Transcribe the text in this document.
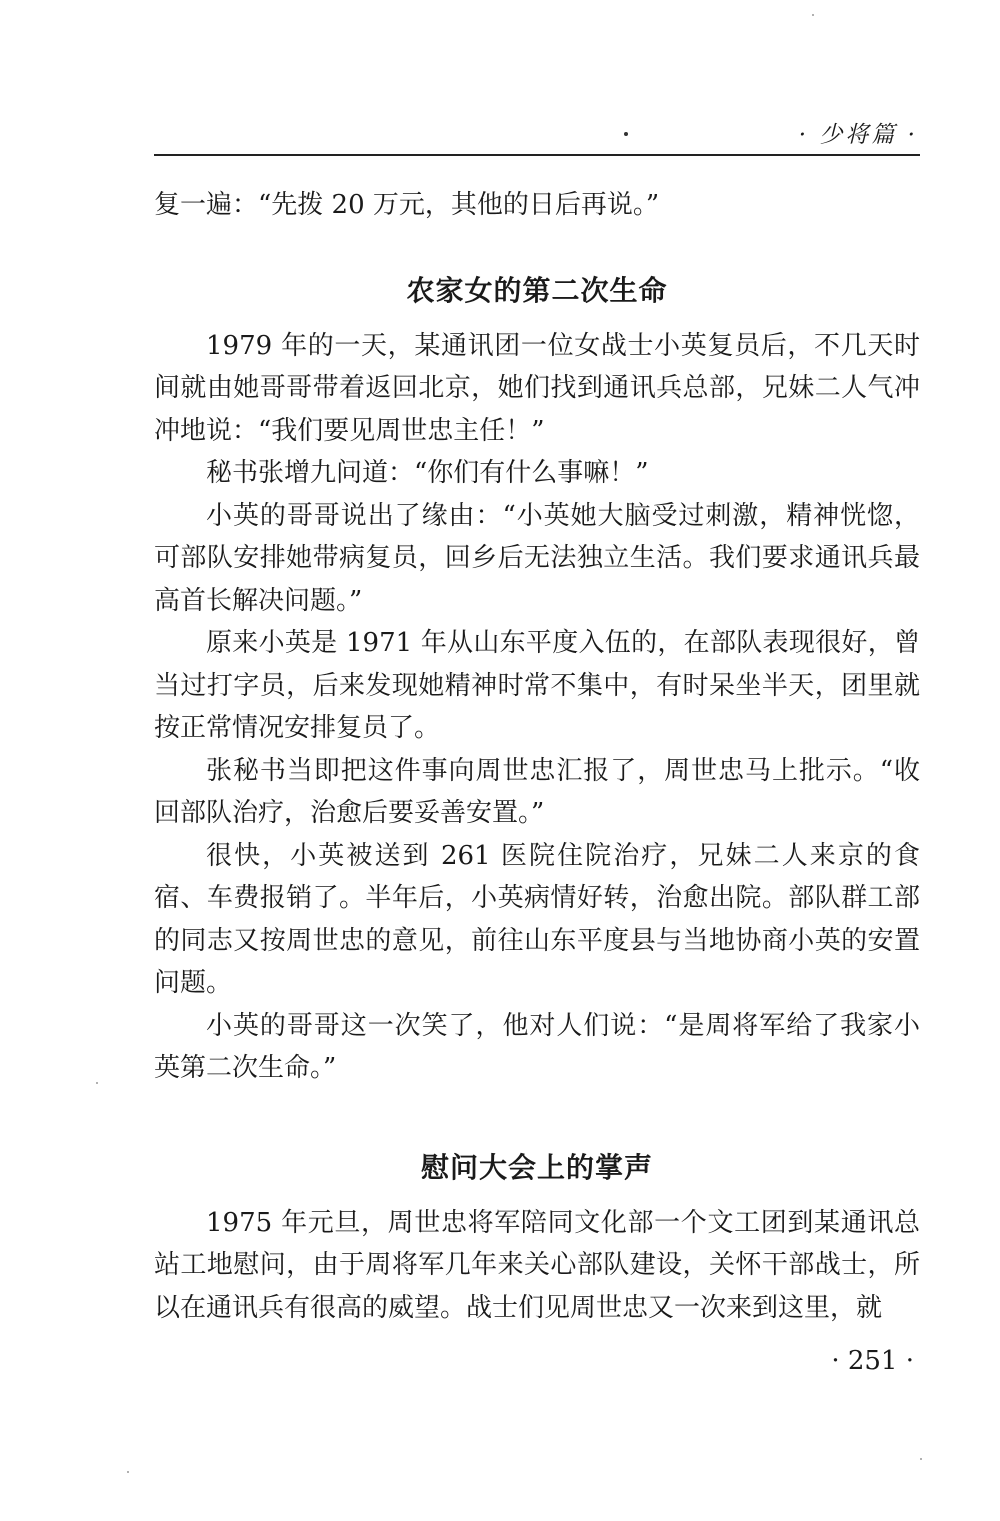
· 少将篇 ·

复一遍：“先拨 20 万元，其他的日后再说。”

农家女的第二次生命

1979 年的一天，某通讯团一位女战士小英复员后，不几天时间就由她哥哥带着返回北京，她们找到通讯兵总部，兄妹二人气冲冲地说：“我们要见周世忠主任！”

秘书张增九问道：“你们有什么事嘛！”

小英的哥哥说出了缘由：“小英她大脑受过刺激，精神恍惚，可部队安排她带病复员，回乡后无法独立生活。我们要求通讯兵最高首长解决问题。”

原来小英是 1971 年从山东平度入伍的，在部队表现很好，曾当过打字员，后来发现她精神时常不集中，有时呆坐半天，团里就按正常情况安排复员了。

张秘书当即把这件事向周世忠汇报了，周世忠马上批示。“收回部队治疗，治愈后要妥善安置。”

很快，小英被送到 261 医院住院治疗，兄妹二人来京的食宿、车费报销了。半年后，小英病情好转，治愈出院。部队群工部的同志又按周世忠的意见，前往山东平度县与当地协商小英的安置问题。

小英的哥哥这一次笑了，他对人们说：“是周将军给了我家小英第二次生命。”

慰问大会上的掌声

1975 年元旦，周世忠将军陪同文化部一个文工团到某通讯总站工地慰问，由于周将军几年来关心部队建设，关怀干部战士，所以在通讯兵有很高的威望。战士们见周世忠又一次来到这里，就

· 251 ·
